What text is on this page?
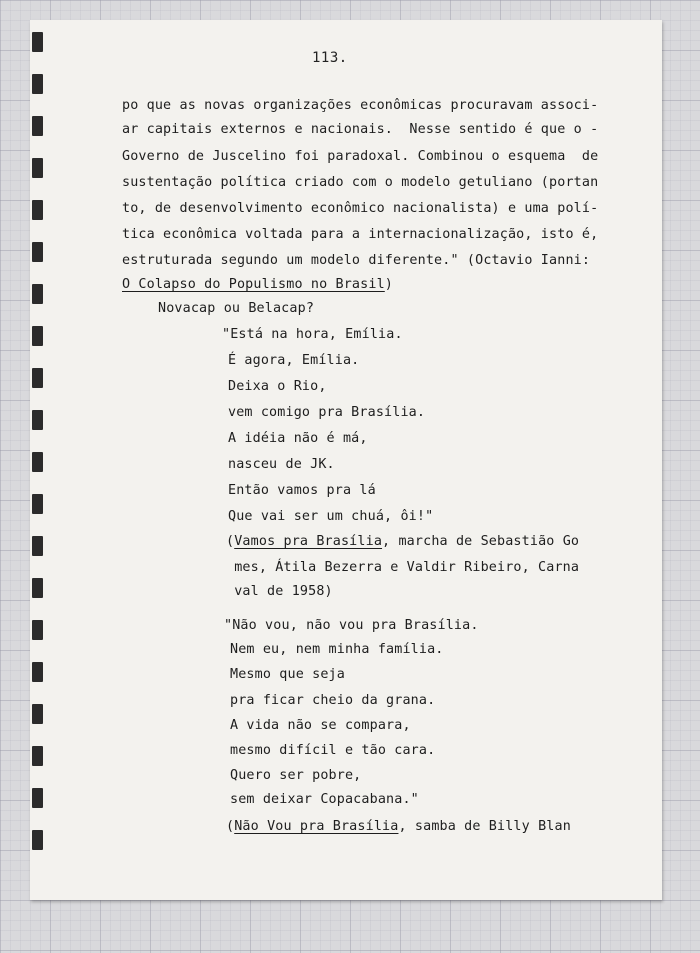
113.
po que as novas organizações econômicas procuravam associ-
ar capitais externos e nacionais.  Nesse sentido é que o -
Governo de Juscelino foi paradoxal. Combinou o esquema  de
sustentação política criado com o modelo getuliano (portan
to, de desenvolvimento econômico nacionalista) e uma polí-
tica econômica voltada para a internacionalização, isto é,
estruturada segundo um modelo diferente." (Octavio Ianni:
O Colapso do Populismo no Brasil)
Novacap ou Belacap?
"Está na hora, Emília.
É agora, Emília.
Deixa o Rio,
vem comigo pra Brasília.
A idéia não é má,
nasceu de JK.
Então vamos pra lá
Que vai ser um chuá, ôi!"
(Vamos pra Brasília, marcha de Sebastião Go
mes, Átila Bezerra e Valdir Ribeiro, Carna
val de 1958)
"Não vou, não vou pra Brasília.
Nem eu, nem minha família.
Mesmo que seja
pra ficar cheio da grana.
A vida não se compara,
mesmo difícil e tão cara.
Quero ser pobre,
sem deixar Copacabana."
(Não Vou pra Brasília, samba de Billy Blan
